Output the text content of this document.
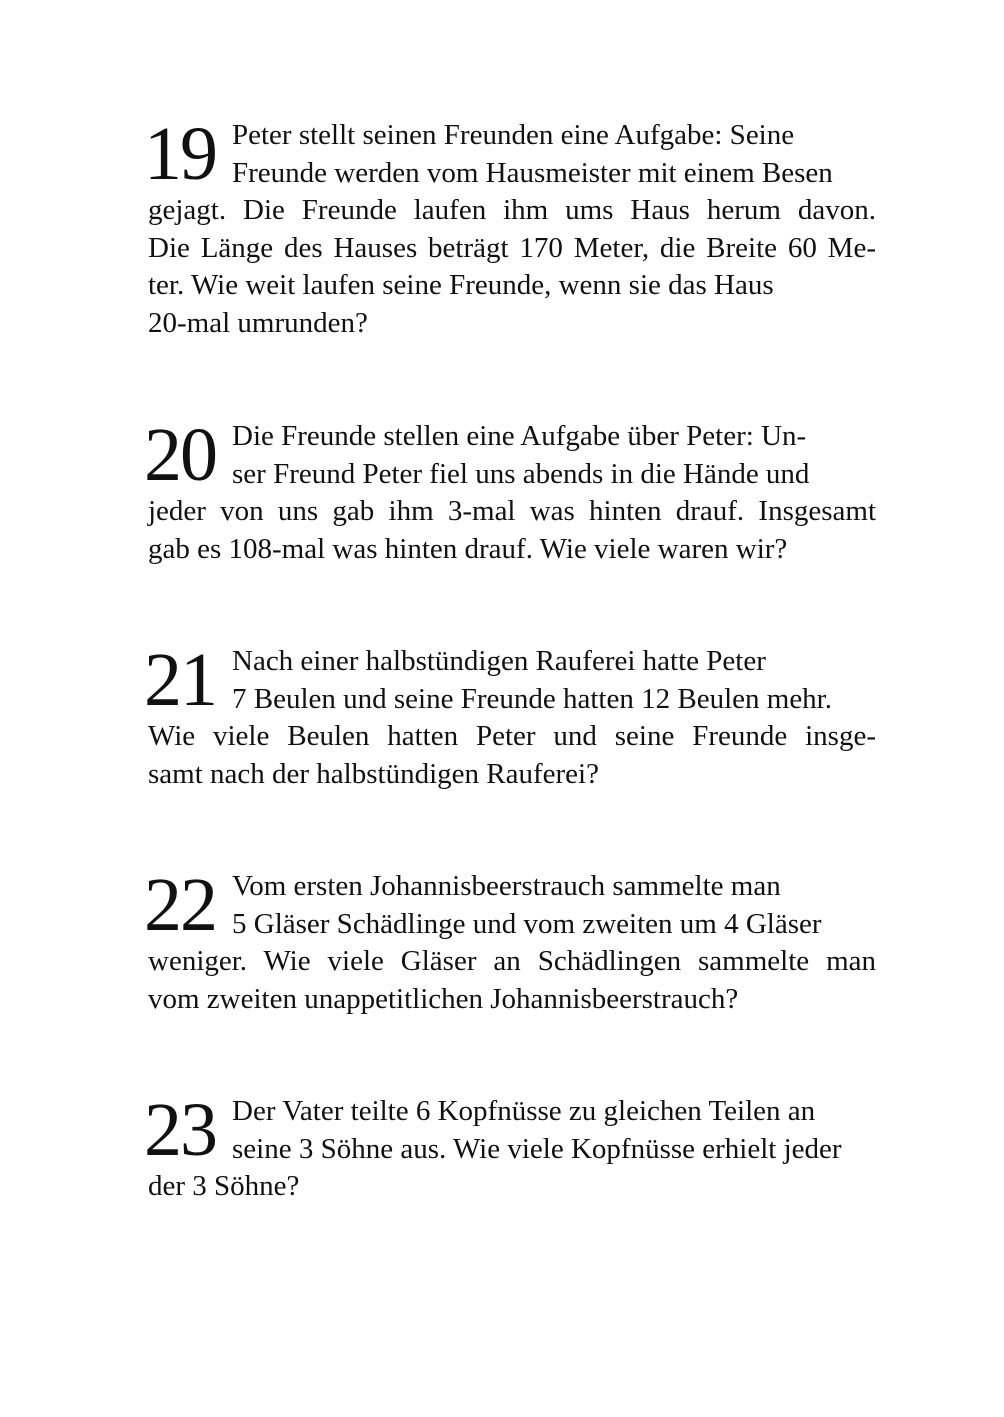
19 Peter stellt seinen Freunden eine Aufgabe: Seine
Freunde werden vom Hausmeister mit einem Besen
gejagt. Die Freunde laufen ihm ums Haus herum davon.
Die Länge des Hauses beträgt 170 Meter, die Breite 60 Me-
ter. Wie weit laufen seine Freunde, wenn sie das Haus
20-mal umrunden?
20 Die Freunde stellen eine Aufgabe über Peter: Un-
ser Freund Peter fiel uns abends in die Hände und
jeder von uns gab ihm 3-mal was hinten drauf. Insgesamt
gab es 108-mal was hinten drauf. Wie viele waren wir?
21 Nach einer halbstündigen Rauferei hatte Peter
7 Beulen und seine Freunde hatten 12 Beulen mehr.
Wie viele Beulen hatten Peter und seine Freunde insge-
samt nach der halbstündigen Rauferei?
22 Vom ersten Johannisbeerstrauch sammelte man
5 Gläser Schädlinge und vom zweiten um 4 Gläser
weniger. Wie viele Gläser an Schädlingen sammelte man
vom zweiten unappetitlichen Johannisbeerstrauch?
23 Der Vater teilte 6 Kopfnüsse zu gleichen Teilen an
seine 3 Söhne aus. Wie viele Kopfnüsse erhielt jeder
der 3 Söhne?
